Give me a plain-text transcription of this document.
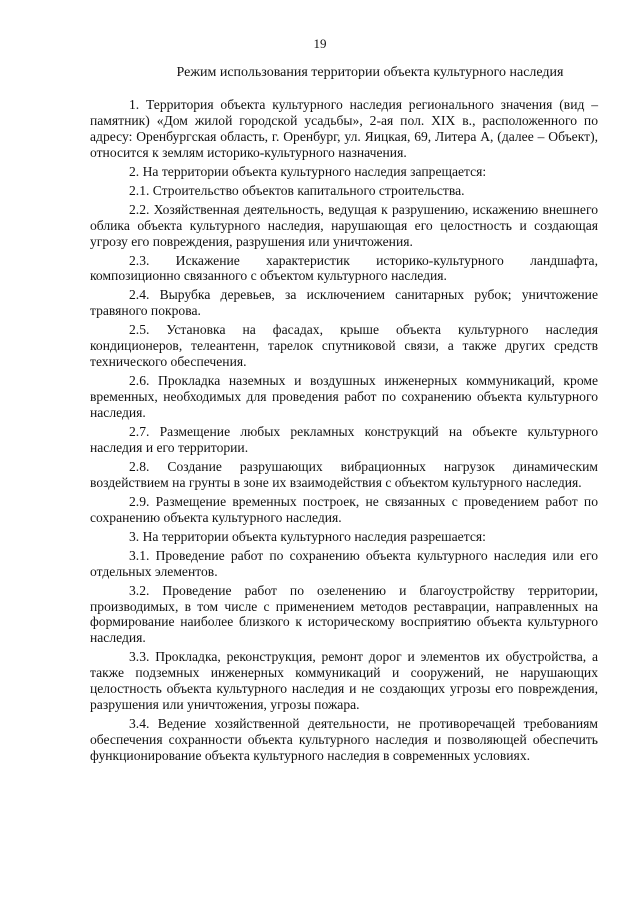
19
Режим использования территории объекта культурного наследия

1. Территория объекта культурного наследия регионального значения (вид – памятник) «Дом жилой городской усадьбы», 2-ая пол. XIX в., расположенного по адресу: Оренбургская область, г. Оренбург, ул. Яицкая, 69, Литера А, (далее – Объект), относится к землям историко-культурного назначения.

2. На территории объекта культурного наследия запрещается:

2.1. Строительство объектов капитального строительства.

2.2. Хозяйственная деятельность, ведущая к разрушению, искажению внешнего облика объекта культурного наследия, нарушающая его целостность и создающая угрозу его повреждения, разрушения или уничтожения.

2.3. Искажение характеристик историко-культурного ландшафта, композиционно связанного с объектом культурного наследия.

2.4. Вырубка деревьев, за исключением санитарных рубок; уничтожение травяного покрова.

2.5. Установка на фасадах, крыше объекта культурного наследия кондиционеров, телеантенн, тарелок спутниковой связи, а также других средств технического обеспечения.

2.6. Прокладка наземных и воздушных инженерных коммуникаций, кроме временных, необходимых для проведения работ по сохранению объекта культурного наследия.

2.7. Размещение любых рекламных конструкций на объекте культурного наследия и его территории.

2.8. Создание разрушающих вибрационных нагрузок динамическим воздействием на грунты в зоне их взаимодействия с объектом культурного наследия.

2.9. Размещение временных построек, не связанных с проведением работ по сохранению объекта культурного наследия.

3. На территории объекта культурного наследия разрешается:

3.1. Проведение работ по сохранению объекта культурного наследия или его отдельных элементов.

3.2. Проведение работ по озеленению и благоустройству территории, производимых, в том числе с применением методов реставрации, направленных на формирование наиболее близкого к историческому восприятию объекта культурного наследия.

3.3. Прокладка, реконструкция, ремонт дорог и элементов их обустройства, а также подземных инженерных коммуникаций и сооружений, не нарушающих целостность объекта культурного наследия и не создающих угрозы его повреждения, разрушения или уничтожения, угрозы пожара.

3.4. Ведение хозяйственной деятельности, не противоречащей требованиям обеспечения сохранности объекта культурного наследия и позволяющей обеспечить функционирование объекта культурного наследия в современных условиях.
